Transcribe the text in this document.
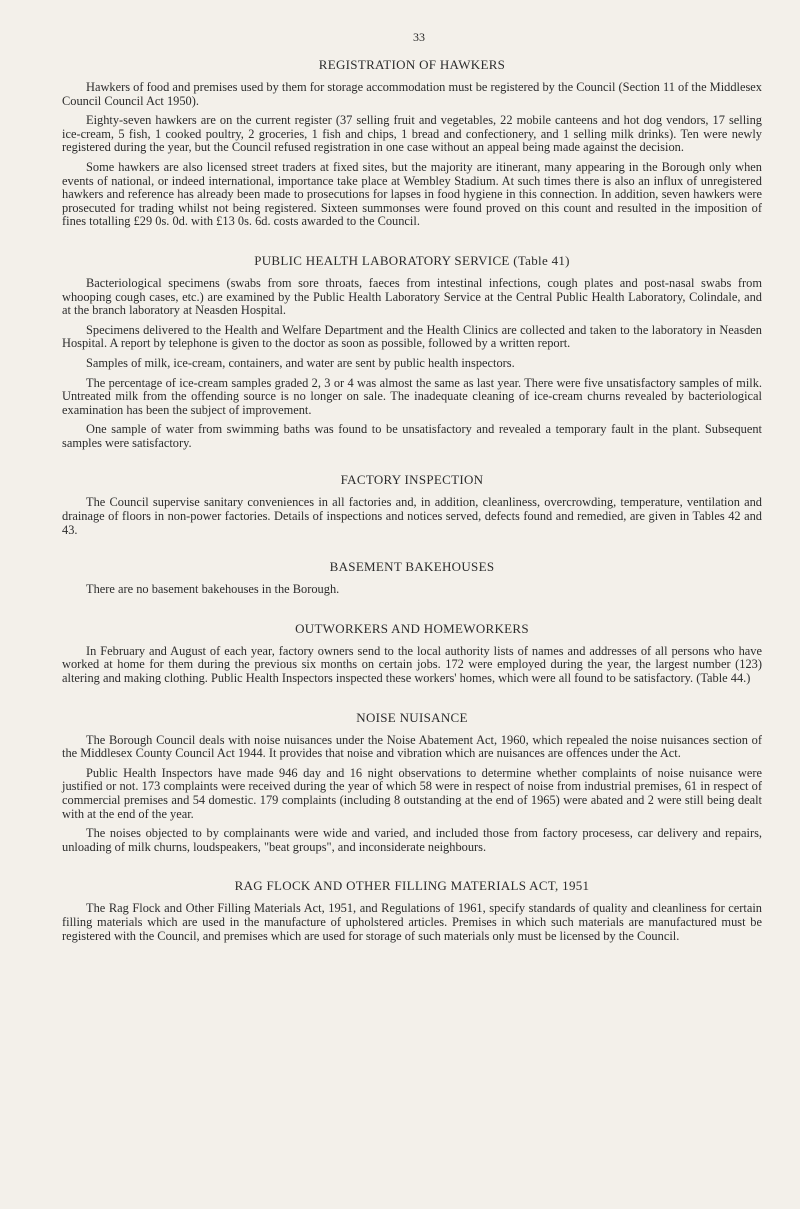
33
REGISTRATION OF HAWKERS

Hawkers of food and premises used by them for storage accommodation must be registered by the Council (Section 11 of the Middlesex Council Council Act 1950).

Eighty-seven hawkers are on the current register (37 selling fruit and vegetables, 22 mobile canteens and hot dog vendors, 17 selling ice-cream, 5 fish, 1 cooked poultry, 2 groceries, 1 fish and chips, 1 bread and confectionery, and 1 selling milk drinks). Ten were newly registered during the year, but the Council refused registration in one case without an appeal being made against the decision.

Some hawkers are also licensed street traders at fixed sites, but the majority are itinerant, many appearing in the Borough only when events of national, or indeed international, importance take place at Wembley Stadium. At such times there is also an influx of unregistered hawkers and reference has already been made to prosecutions for lapses in food hygiene in this connection. In addition, seven hawkers were prosecuted for trading whilst not being registered. Sixteen summonses were found proved on this count and resulted in the imposition of fines totalling £29 0s. 0d. with £13 0s. 6d. costs awarded to the Council.

PUBLIC HEALTH LABORATORY SERVICE (Table 41)

Bacteriological specimens (swabs from sore throats, faeces from intestinal infections, cough plates and post-nasal swabs from whooping cough cases, etc.) are examined by the Public Health Laboratory Service at the Central Public Health Laboratory, Colindale, and at the branch laboratory at Neasden Hospital.

Specimens delivered to the Health and Welfare Department and the Health Clinics are collected and taken to the laboratory in Neasden Hospital. A report by telephone is given to the doctor as soon as possible, followed by a written report.

Samples of milk, ice-cream, containers, and water are sent by public health inspectors.

The percentage of ice-cream samples graded 2, 3 or 4 was almost the same as last year. There were five unsatisfactory samples of milk. Untreated milk from the offending source is no longer on sale. The inadequate cleaning of ice-cream churns revealed by bacteriological examination has been the subject of improvement.

One sample of water from swimming baths was found to be unsatisfactory and revealed a temporary fault in the plant. Subsequent samples were satisfactory.

FACTORY INSPECTION

The Council supervise sanitary conveniences in all factories and, in addition, cleanliness, overcrowding, temperature, ventilation and drainage of floors in non-power factories. Details of inspections and notices served, defects found and remedied, are given in Tables 42 and 43.

BASEMENT BAKEHOUSES

There are no basement bakehouses in the Borough.

OUTWORKERS AND HOMEWORKERS

In February and August of each year, factory owners send to the local authority lists of names and addresses of all persons who have worked at home for them during the previous six months on certain jobs. 172 were employed during the year, the largest number (123) altering and making clothing. Public Health Inspectors inspected these workers' homes, which were all found to be satisfactory. (Table 44.)

NOISE NUISANCE

The Borough Council deals with noise nuisances under the Noise Abatement Act, 1960, which repealed the noise nuisances section of the Middlesex County Council Act 1944. It provides that noise and vibration which are nuisances are offences under the Act.

Public Health Inspectors have made 946 day and 16 night observations to determine whether complaints of noise nuisance were justified or not. 173 complaints were received during the year of which 58 were in respect of noise from industrial premises, 61 in respect of commercial premises and 54 domestic. 179 complaints (including 8 outstanding at the end of 1965) were abated and 2 were still being dealt with at the end of the year.

The noises objected to by complainants were wide and varied, and included those from factory procesess, car delivery and repairs, unloading of milk churns, loudspeakers, "beat groups", and inconsiderate neighbours.

RAG FLOCK AND OTHER FILLING MATERIALS ACT, 1951

The Rag Flock and Other Filling Materials Act, 1951, and Regulations of 1961, specify standards of quality and cleanliness for certain filling materials which are used in the manufacture of upholstered articles. Premises in which such materials are manufactured must be registered with the Council, and premises which are used for storage of such materials only must be licensed by the Council.
